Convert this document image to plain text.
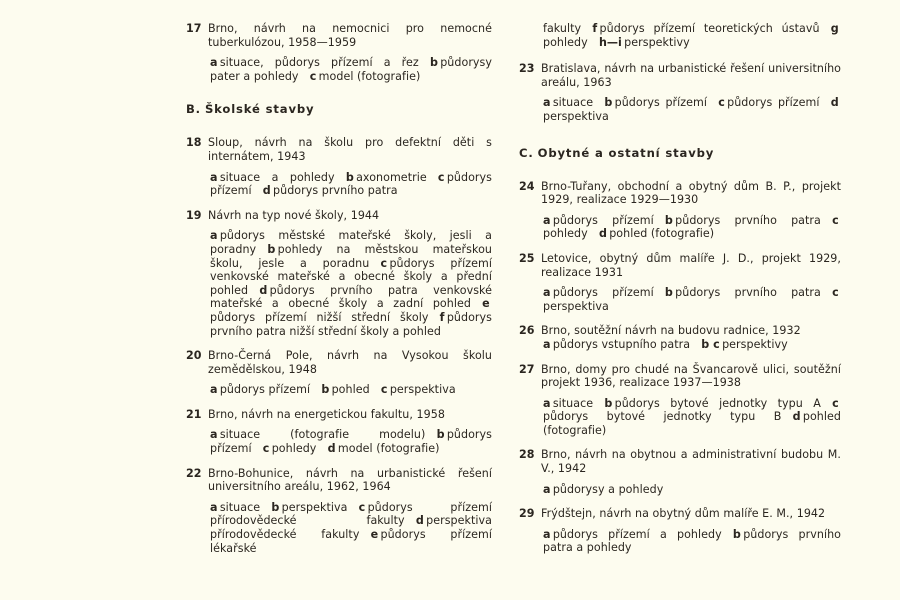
17 Brno, návrh na nemocnici pro nemocné tuberkulózou, 1958—1959
a  situace, půdorys přízemí a řez   b  půdorysy pater a pohledy   c  model (fotografie)
B. Školské stavby
18 Sloup, návrh na školu pro defektní děti s internátem, 1943
a  situace a pohledy   b  axonometrie   c  půdorys přízemí   d  půdorys prvního patra
19 Návrh na typ nové školy, 1944
a  půdorys městské mateřské školy, jesli a poradny   b  pohledy na městskou mateřskou školu, jesle a poradnu   c  půdorys přízemí venkovské mateřské a obecné školy a přední pohled   d  půdorys prvního patra venkovské mateřské a obecné školy a zadní pohled   e půdorys přízemí nižší střední školy   f  půdorys prvního patra nižší střední školy a pohled
20 Brno-Černá Pole, návrh na Vysokou školu zemědělskou, 1948
a  půdorys přízemí   b  pohled   c  perspektiva
21 Brno, návrh na energetickou fakultu, 1958
a  situace (fotografie modelu)   b  půdorys přízemí   c  pohledy   d  model (fotografie)
22 Brno-Bohunice, návrh na urbanistické řešení universitního areálu, 1962, 1964
a  situace   b  perspektiva   c  půdorys přízemí přírodovědecké fakulty   d  perspektiva přírodovědecké fakulty   e  půdorys přízemí lékařské
fakulty   f  půdorys přízemí teoretických ústavů   g pohledy   h—i  perspektivy
23 Bratislava, návrh na urbanistické řešení universitního areálu, 1963
a  situace   b  půdorys přízemí   c  půdorys přízemí   d perspektiva
C. Obytné a ostatní stavby
24 Brno-Tuřany, obchodní a obytný dům B. P., projekt 1929, realizace 1929—1930
a  půdorys přízemí   b  půdorys prvního patra   c pohledy   d  pohled (fotografie)
25 Letovice, obytný dům malíře J. D., projekt 1929, realizace 1931
a  půdorys přízemí   b  půdorys prvního patra   c perspektiva
26 Brno, soutěžní návrh na budovu radnice, 1932
a  půdorys vstupního patra   b c  perspektivy
27 Brno, domy pro chudé na Švancarově ulici, soutěžní projekt 1936, realizace 1937—1938
a  situace   b  půdorys bytové jednotky typu A   c půdorys bytové jednotky typu B   d  pohled (fotografie)
28 Brno, návrh na obytnou a administrativní budobu M. V., 1942
a  půdorysy a pohledy
29 Frýdštejn, návrh na obytný dům malíře E. M., 1942
a  půdorys přízemí a pohledy   b  půdorys prvního patra a pohledy
